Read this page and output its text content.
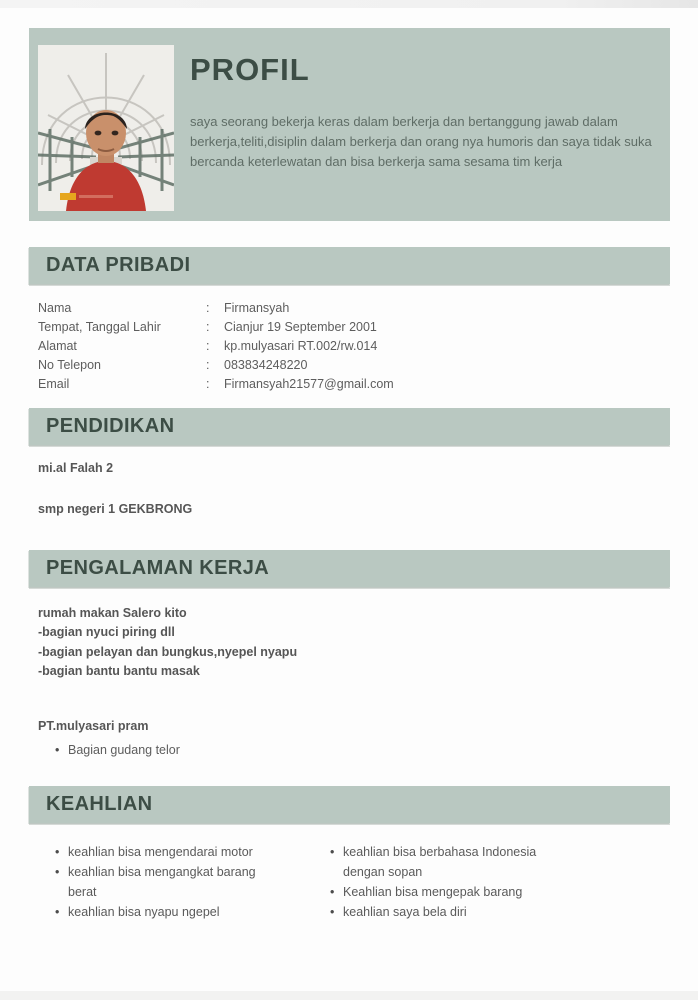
PROFIL
saya seorang bekerja keras dalam berkerja dan bertanggung jawab dalam berkerja,teliti,disiplin dalam berkerja dan orang nya humoris dan saya tidak suka bercanda keterlewatan dan bisa berkerja sama sesama tim kerja
DATA PRIBADI
Nama	:	Firmansyah
Tempat, Tanggal Lahir	:	Cianjur 19 September 2001
Alamat	:	kp.mulyasari RT.002/rw.014
No Telepon	:	083834248220
Email	:	Firmansyah21577@gmail.com
PENDIDIKAN
mi.al Falah 2
smp negeri 1 GEKBRONG
PENGALAMAN KERJA
rumah makan Salero kito
-bagian nyuci piring dll
-bagian pelayan dan bungkus,nyepel nyapu
-bagian bantu bantu masak
PT.mulyasari pram
•
Bagian gudang telor
KEAHLIAN
•
keahlian bisa mengendarai motor
•
keahlian bisa mengangkat barang berat
•
keahlian bisa nyapu ngepel
•
keahlian bisa berbahasa Indonesia dengan sopan
•
Keahlian bisa mengepak barang
•
keahlian saya bela diri
